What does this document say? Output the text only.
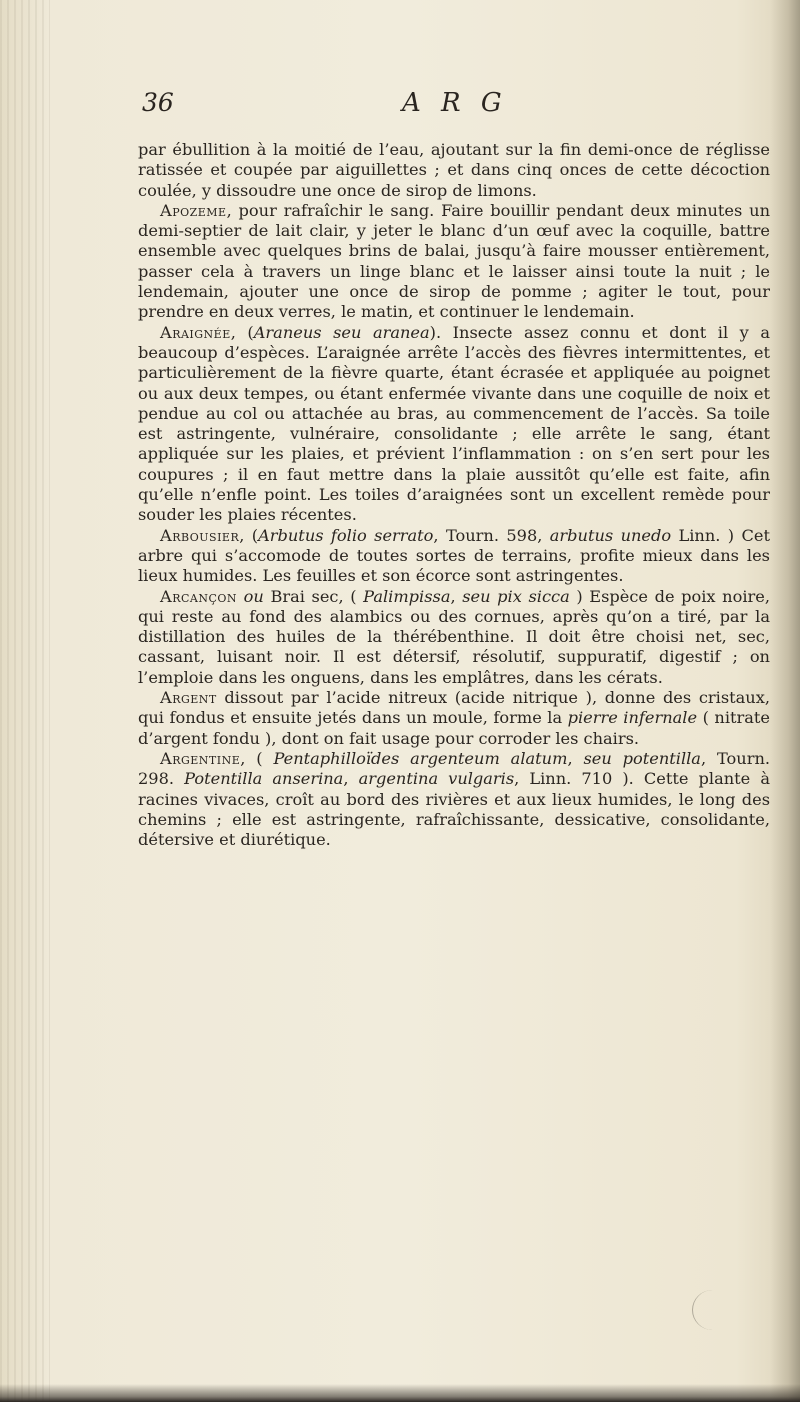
36	A R G

par ébullition à la moitié de l’eau, ajoutant sur la fin demi-once de réglisse ratissée et coupée par aiguillettes ; et dans cinq onces de cette décoction coulée, y dissoudre une once de sirop de limons.

Apozeme, pour rafraîchir le sang. Faire bouillir pendant deux minutes un demi-septier de lait clair, y jeter le blanc d’un œuf avec la coquille, battre ensemble avec quelques brins de balai, jusqu’à faire mousser entièrement, passer cela à travers un linge blanc et le laisser ainsi toute la nuit ; le lendemain, ajouter une once de sirop de pomme ; agiter le tout, pour prendre en deux verres, le matin, et continuer le lendemain.

Araignée, (Araneus seu aranea). Insecte assez connu et dont il y a beaucoup d’espèces. L’araignée arrête l’accès des fièvres intermittentes, et particulièrement de la fièvre quarte, étant écrasée et appliquée au poignet ou aux deux tempes, ou étant enfermée vivante dans une coquille de noix et pendue au col ou attachée au bras, au commencement de l’accès. Sa toile est astringente, vulnéraire, consolidante ; elle arrête le sang, étant appliquée sur les plaies, et prévient l’inflammation : on s’en sert pour les coupures ; il en faut mettre dans la plaie aussitôt qu’elle est faite, afin qu’elle n’enfle point. Les toiles d’araignées sont un excellent remède pour souder les plaies récentes.

Arbousier, (Arbutus folio serrato, Tourn. 598, arbutus unedo Linn. ) Cet arbre qui s’accomode de toutes sortes de terrains, profite mieux dans les lieux humides. Les feuilles et son écorce sont astringentes.

Arcançon ou Brai sec, ( Palimpissa, seu pix sicca ) Espèce de poix noire, qui reste au fond des alambics ou des cornues, après qu’on a tiré, par la distillation des huiles de la thérébenthine. Il doit être choisi net, sec, cassant, luisant noir. Il est détersif, résolutif, suppuratif, digestif ; on l’emploie dans les onguens, dans les emplâtres, dans les cérats.

Argent dissout par l’acide nitreux (acide nitrique ), donne des cristaux, qui fondus et ensuite jetés dans un moule, forme la pierre infernale ( nitrate d’argent fondu ), dont on fait usage pour corroder les chairs.

Argentine, ( Pentaphilloïdes argenteum alatum, seu potentilla, Tourn. 298. Potentilla anserina, argentina vulgaris, Linn. 710 ). Cette plante à racines vivaces, croît au bord des rivières et aux lieux humides, le long des chemins ; elle est astringente, rafraîchissante, dessicative, consolidante, détersive et diurétique.
